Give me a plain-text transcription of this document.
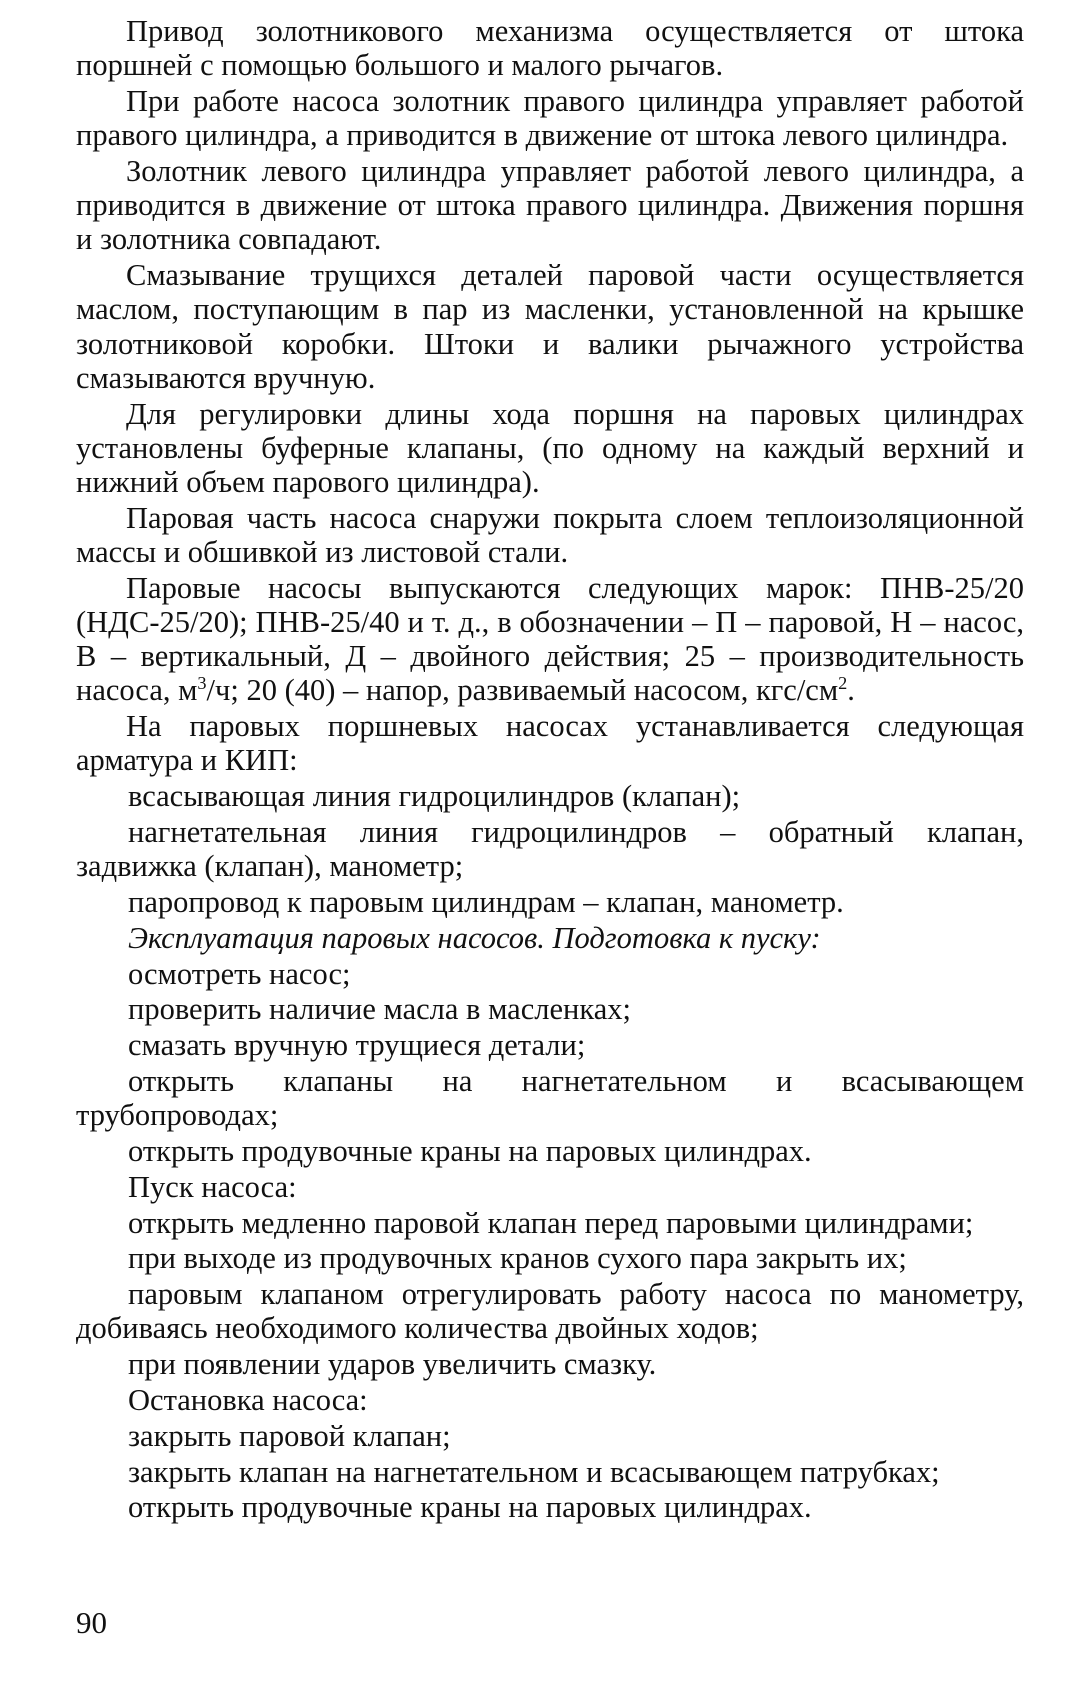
Привод золотникового механизма осуществляется от штока поршней с помощью большого и малого рычагов.

При работе насоса золотник правого цилиндра управляет работой правого цилиндра, а приводится в движение от штока левого цилиндра.

Золотник левого цилиндра управляет работой левого цилиндра, а приводится в движение от штока правого цилиндра. Движения поршня и золотника совпадают.

Смазывание трущихся деталей паровой части осуществляется маслом, поступающим в пар из масленки, установленной на крышке золотниковой коробки. Штоки и валики рычажного устройства смазываются вручную.

Для регулировки длины хода поршня на паровых цилиндрах установлены буферные клапаны, (по одному на каждый верхний и нижний объем парового цилиндра).

Паровая часть насоса снаружи покрыта слоем теплоизоляционной массы и обшивкой из листовой стали.

Паровые насосы выпускаются следующих марок: ПНВ-25/20 (НДС-25/20); ПНВ-25/40 и т. д., в обозначении – П – паровой, Н – насос, В – вертикальный, Д – двойного действия; 25 – производительность насоса, $м^3/ч$; 20 (40) – напор, развиваемый насосом, кгс/$см^2$.

На паровых поршневых насосах устанавливается следующая арматура и КИП:

всасывающая линия гидроцилиндров (клапан);

нагнетательная линия гидроцилиндров – обратный клапан, задвижка (клапан), манометр;

паропровод к паровым цилиндрам – клапан, манометр.

Эксплуатация паровых насосов. Подготовка к пуску:

осмотреть насос;

проверить наличие масла в масленках;

смазать вручную трущиеся детали;

открыть клапаны на нагнетательном и всасывающем трубопроводах;

открыть продувочные краны на паровых цилиндрах.

Пуск насоса:

открыть медленно паровой клапан перед паровыми цилиндрами;

при выходе из продувочных кранов сухого пара закрыть их;

паровым клапаном отрегулировать работу насоса по манометру, добиваясь необходимого количества двойных ходов;

при появлении ударов увеличить смазку.

Остановка насоса:

закрыть паровой клапан;

закрыть клапан на нагнетательном и всасывающем патрубках;

открыть продувочные краны на паровых цилиндрах.

90
